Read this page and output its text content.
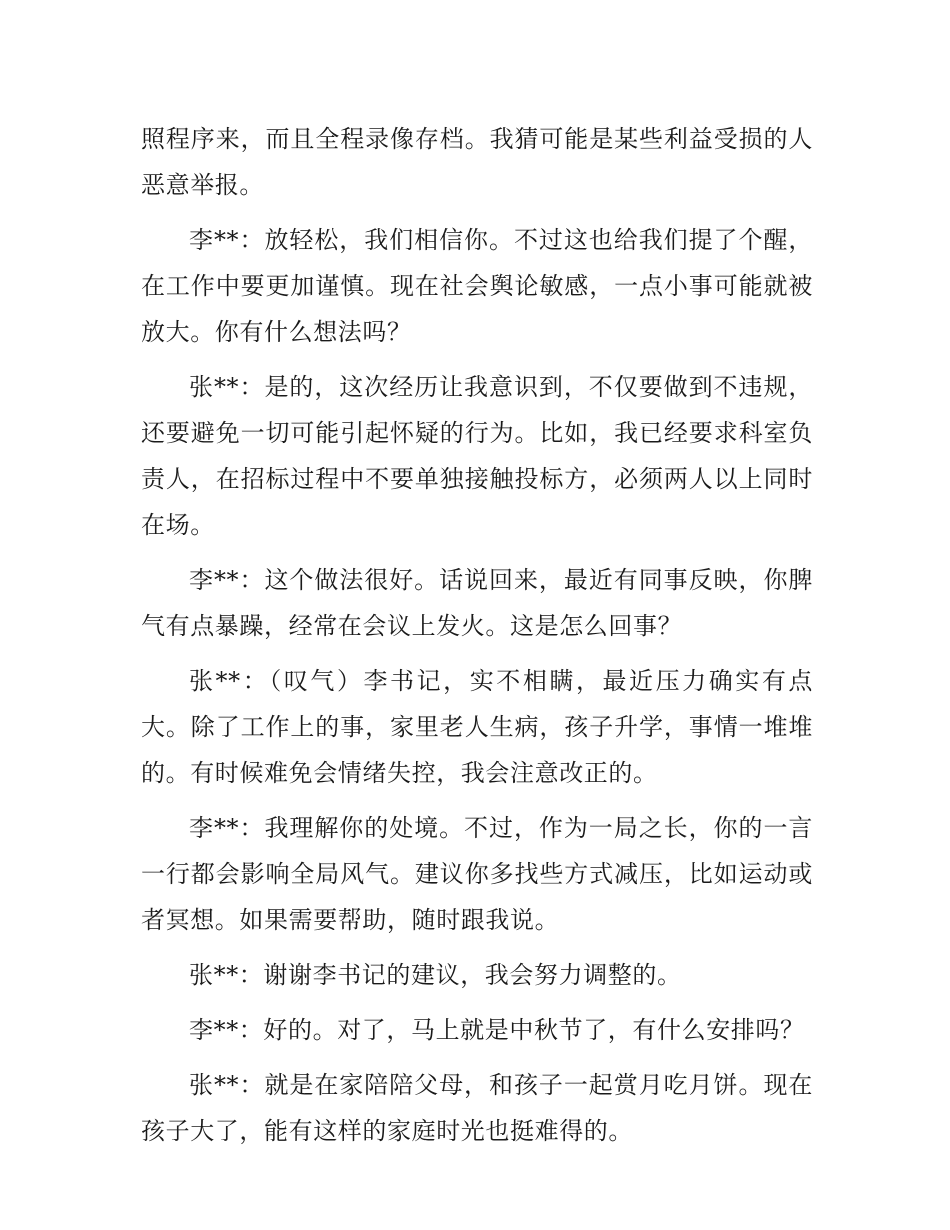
照程序来，而且全程录像存档。我猜可能是某些利益受损的人恶意举报。

李**：放轻松，我们相信你。不过这也给我们提了个醒，在工作中要更加谨慎。现在社会舆论敏感，一点小事可能就被放大。你有什么想法吗？

张**：是的，这次经历让我意识到，不仅要做到不违规，还要避免一切可能引起怀疑的行为。比如，我已经要求科室负责人，在招标过程中不要单独接触投标方，必须两人以上同时在场。

李**：这个做法很好。话说回来，最近有同事反映，你脾气有点暴躁，经常在会议上发火。这是怎么回事？

张**：（叹气）李书记，实不相瞒，最近压力确实有点大。除了工作上的事，家里老人生病，孩子升学，事情一堆堆的。有时候难免会情绪失控，我会注意改正的。

李**：我理解你的处境。不过，作为一局之长，你的一言一行都会影响全局风气。建议你多找些方式减压，比如运动或者冥想。如果需要帮助，随时跟我说。

张**：谢谢李书记的建议，我会努力调整的。

李**：好的。对了，马上就是中秋节了，有什么安排吗？

张**：就是在家陪陪父母，和孩子一起赏月吃月饼。现在孩子大了，能有这样的家庭时光也挺难得的。
